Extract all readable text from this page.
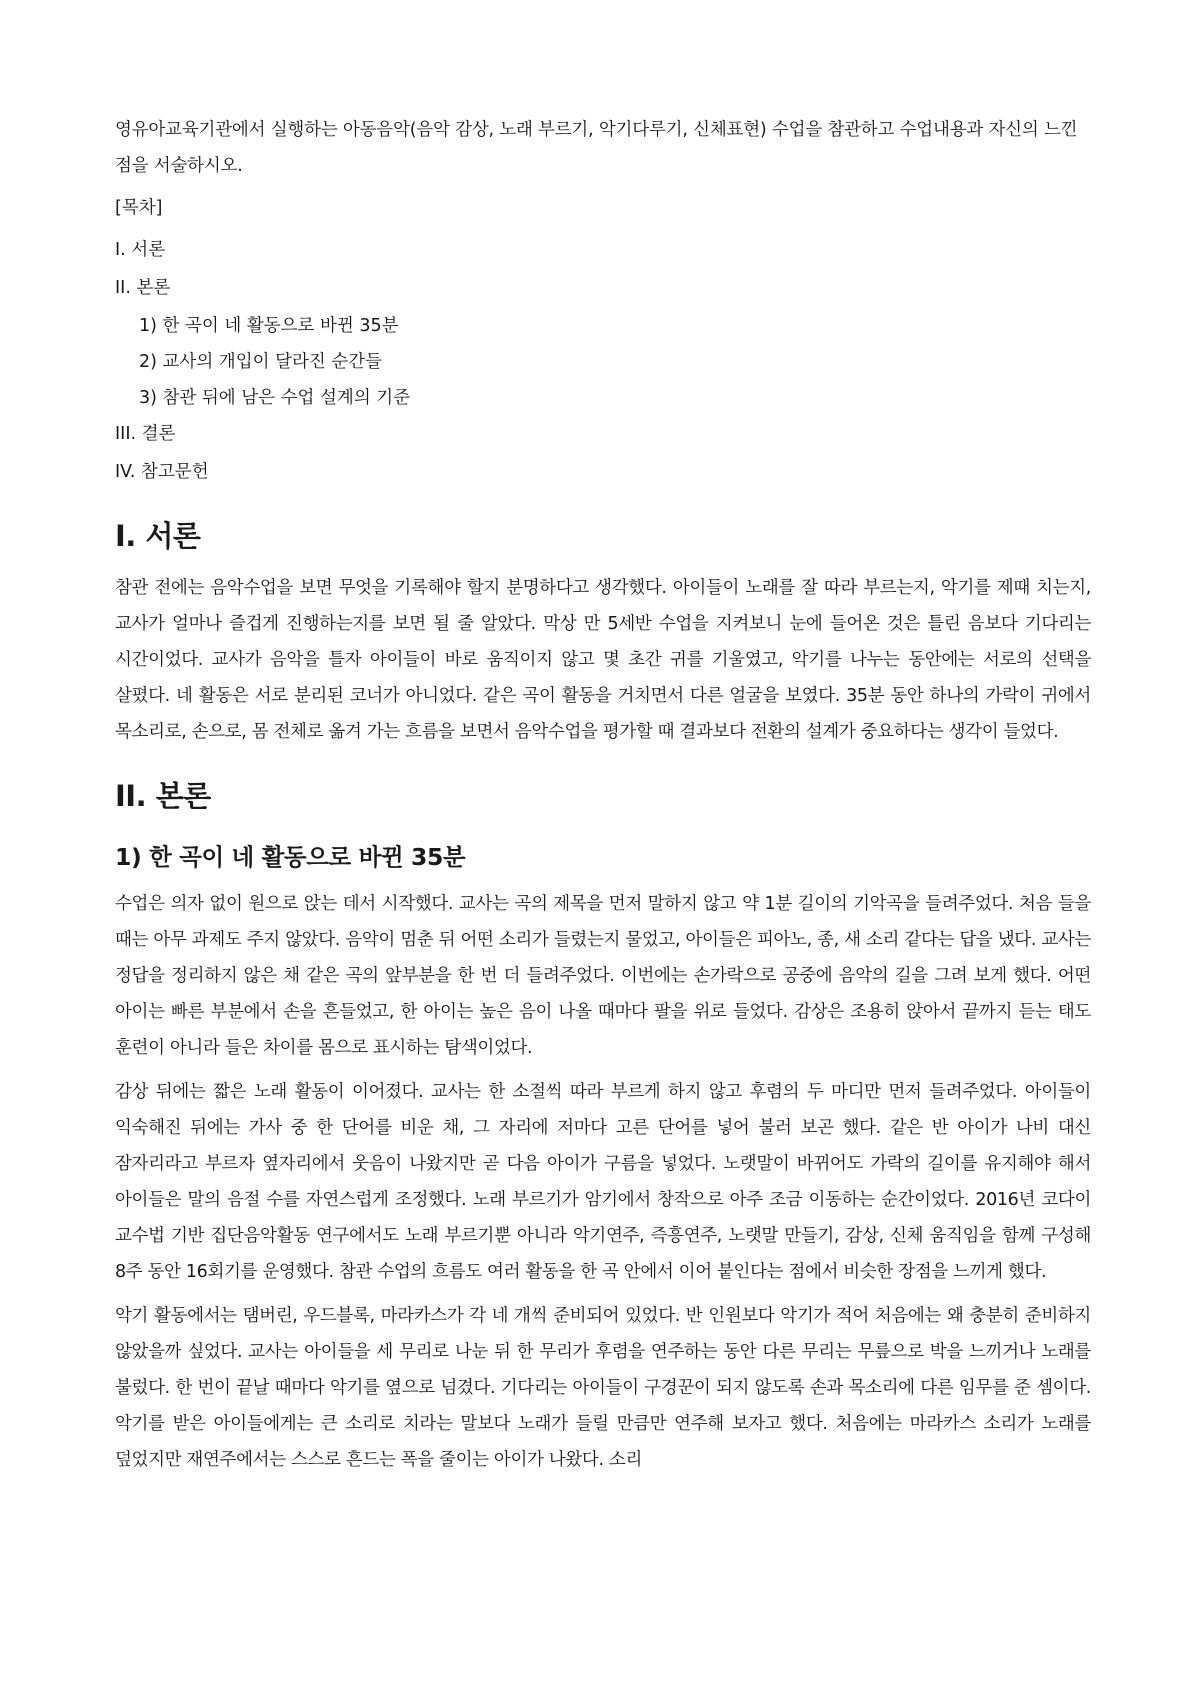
영유아교육기관에서 실행하는 아동음악(음악 감상, 노래 부르기, 악기다루기, 신체표현) 수업을 참관하고 수업내용과 자신의 느낀 점을 서술하시오.

[목차]
I. 서론
II. 본론
1) 한 곡이 네 활동으로 바뀐 35분
2) 교사의 개입이 달라진 순간들
3) 참관 뒤에 남은 수업 설계의 기준
III. 결론
IV. 참고문헌
I. 서론

참관 전에는 음악수업을 보면 무엇을 기록해야 할지 분명하다고 생각했다. 아이들이 노래를 잘 따라 부르는지, 악기를 제때 치는지, 교사가 얼마나 즐겁게 진행하는지를 보면 될 줄 알았다. 막상 만 5세반 수업을 지켜보니 눈에 들어온 것은 틀린 음보다 기다리는 시간이었다. 교사가 음악을 틀자 아이들이 바로 움직이지 않고 몇 초간 귀를 기울였고, 악기를 나누는 동안에는 서로의 선택을 살폈다. 네 활동은 서로 분리된 코너가 아니었다. 같은 곡이 활동을 거치면서 다른 얼굴을 보였다. 35분 동안 하나의 가락이 귀에서 목소리로, 손으로, 몸 전체로 옮겨 가는 흐름을 보면서 음악수업을 평가할 때 결과보다 전환의 설계가 중요하다는 생각이 들었다.

II. 본론
1) 한 곡이 네 활동으로 바뀐 35분

수업은 의자 없이 원으로 앉는 데서 시작했다. 교사는 곡의 제목을 먼저 말하지 않고 약 1분 길이의 기악곡을 들려주었다. 처음 들을 때는 아무 과제도 주지 않았다. 음악이 멈춘 뒤 어떤 소리가 들렸는지 물었고, 아이들은 피아노, 종, 새 소리 같다는 답을 냈다. 교사는 정답을 정리하지 않은 채 같은 곡의 앞부분을 한 번 더 들려주었다. 이번에는 손가락으로 공중에 음악의 길을 그려 보게 했다. 어떤 아이는 빠른 부분에서 손을 흔들었고, 한 아이는 높은 음이 나올 때마다 팔을 위로 들었다. 감상은 조용히 앉아서 끝까지 듣는 태도 훈련이 아니라 들은 차이를 몸으로 표시하는 탐색이었다.

감상 뒤에는 짧은 노래 활동이 이어졌다. 교사는 한 소절씩 따라 부르게 하지 않고 후렴의 두 마디만 먼저 들려주었다. 아이들이 익숙해진 뒤에는 가사 중 한 단어를 비운 채, 그 자리에 저마다 고른 단어를 넣어 불러 보곤 했다. 같은 반 아이가 나비 대신 잠자리라고 부르자 옆자리에서 웃음이 나왔지만 곧 다음 아이가 구름을 넣었다. 노랫말이 바뀌어도 가락의 길이를 유지해야 해서 아이들은 말의 음절 수를 자연스럽게 조정했다. 노래 부르기가 암기에서 창작으로 아주 조금 이동하는 순간이었다. 2016년 코다이 교수법 기반 집단음악활동 연구에서도 노래 부르기뿐 아니라 악기연주, 즉흥연주, 노랫말 만들기, 감상, 신체 움직임을 함께 구성해 8주 동안 16회기를 운영했다. 참관 수업의 흐름도 여러 활동을 한 곡 안에서 이어 붙인다는 점에서 비슷한 장점을 느끼게 했다.

악기 활동에서는 탬버린, 우드블록, 마라카스가 각 네 개씩 준비되어 있었다. 반 인원보다 악기가 적어 처음에는 왜 충분히 준비하지 않았을까 싶었다. 교사는 아이들을 세 무리로 나눈 뒤 한 무리가 후렴을 연주하는 동안 다른 무리는 무릎으로 박을 느끼거나 노래를 불렀다. 한 번이 끝날 때마다 악기를 옆으로 넘겼다. 기다리는 아이들이 구경꾼이 되지 않도록 손과 목소리에 다른 임무를 준 셈이다. 악기를 받은 아이들에게는 큰 소리로 치라는 말보다 노래가 들릴 만큼만 연주해 보자고 했다. 처음에는 마라카스 소리가 노래를 덮었지만 재연주에서는 스스로 흔드는 폭을 줄이는 아이가 나왔다. 소리
